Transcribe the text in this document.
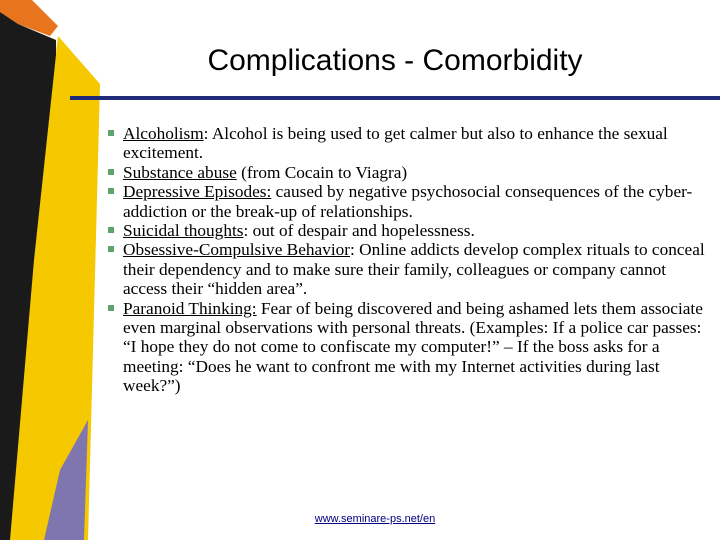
Complications - Comorbidity
Alcoholism: Alcohol is being used to get calmer but also to enhance the sexual excitement.
Substance abuse (from Cocain to Viagra)
Depressive Episodes: caused by negative psychosocial consequences of the cyber-addiction or the break-up of relationships.
Suicidal thoughts: out of despair and hopelessness.
Obsessive-Compulsive Behavior: Online addicts develop complex rituals to conceal their dependency and to make sure their family, colleagues or company cannot access their “hidden area”.
Paranoid Thinking: Fear of being discovered and being ashamed lets them associate even marginal observations with personal threats. (Examples: If a police car passes: “I hope they do not come to confiscate my computer!” – If the boss asks for a meeting: “Does he want to confront me with my Internet activities during last week?”)
www.seminare-ps.net/en
